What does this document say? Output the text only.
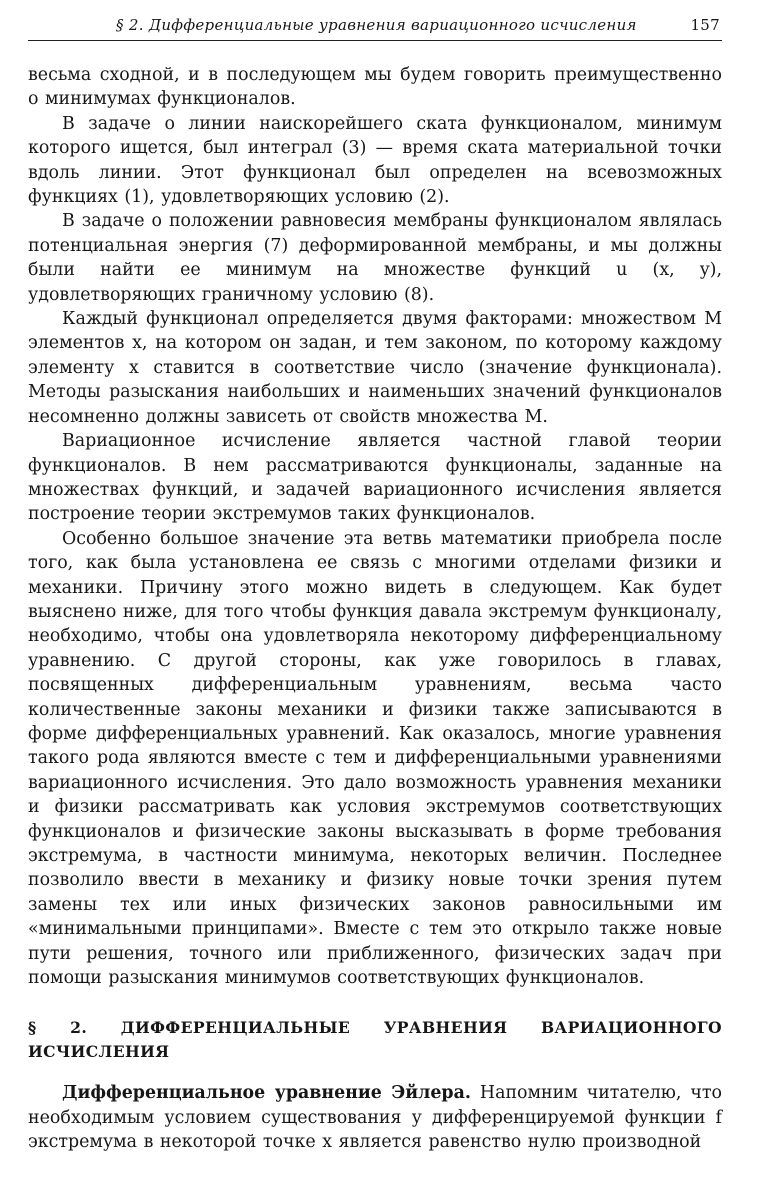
§ 2. Дифференциальные уравнения вариационного исчисления	157

весьма сходной, и в последующем мы будем говорить преимущественно о минимумах функционалов.

В задаче о линии наискорейшего ската функционалом, минимум которого ищется, был интеграл (3) — время ската материальной точки вдоль линии. Этот функционал был определен на всевозможных функциях (1), удовлетворяющих условию (2).

В задаче о положении равновесия мембраны функционалом являлась потенциальная энергия (7) деформированной мембраны, и мы должны были найти ее минимум на множестве функций u (x, y), удовлетворяющих граничному условию (8).

Каждый функционал определяется двумя факторами: множеством M элементов x, на котором он задан, и тем законом, по которому каждому элементу x ставится в соответствие число (значение функционала). Методы разыскания наибольших и наименьших значений функционалов несомненно должны зависеть от свойств множества M.

Вариационное исчисление является частной главой теории функционалов. В нем рассматриваются функционалы, заданные на множествах функций, и задачей вариационного исчисления является построение теории экстремумов таких функционалов.

Особенно большое значение эта ветвь математики приобрела после того, как была установлена ее связь с многими отделами физики и механики. Причину этого можно видеть в следующем. Как будет выяснено ниже, для того чтобы функция давала экстремум функционалу, необходимо, чтобы она удовлетворяла некоторому дифференциальному уравнению. С другой стороны, как уже говорилось в главах, посвященных дифференциальным уравнениям, весьма часто количественные законы механики и физики также записываются в форме дифференциальных уравнений. Как оказалось, многие уравнения такого рода являются вместе с тем и дифференциальными уравнениями вариационного исчисления. Это дало возможность уравнения механики и физики рассматривать как условия экстремумов соответствующих функционалов и физические законы высказывать в форме требования экстремума, в частности минимума, некоторых величин. Последнее позволило ввести в механику и физику новые точки зрения путем замены тех или иных физических законов равносильными им «минимальными принципами». Вместе с тем это открыло также новые пути решения, точного или приближенного, физических задач при помощи разыскания минимумов соответствующих функционалов.

§ 2. ДИФФЕРЕНЦИАЛЬНЫЕ УРАВНЕНИЯ ВАРИАЦИОННОГО ИСЧИСЛЕНИЯ

Дифференциальное уравнение Эйлера. Напомним читателю, что необходимым условием существования у дифференцируемой функции f экстремума в некоторой точке x является равенство нулю производной
